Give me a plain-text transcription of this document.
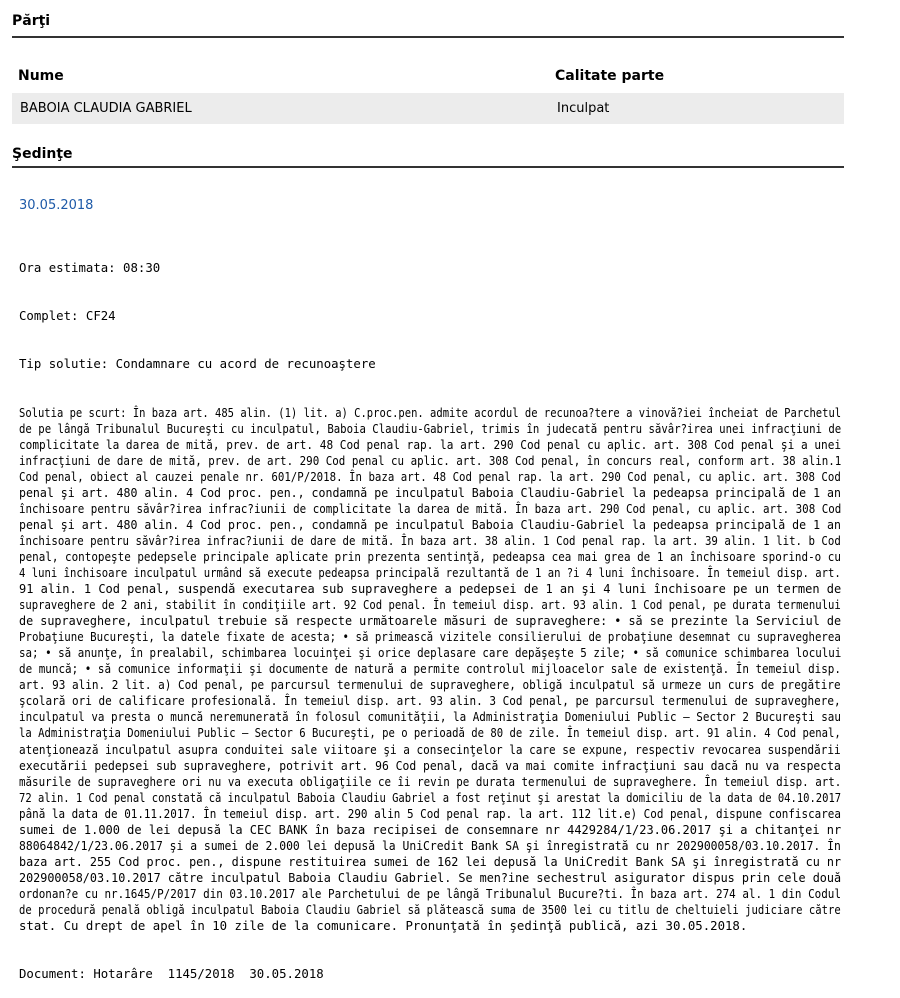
Părţi
Nume	Calitate parte
BABOIA CLAUDIA GABRIEL	Inculpat
Şedinţe
30.05.2018

Ora estimata: 08:30

Complet: CF24

Tip solutie: Condamnare cu acord de recunoaştere

Solutia pe scurt: În baza art. 485 alin. (1) lit. a) C.proc.pen. admite acordul de recunoa?tere a vinovă?iei încheiat de Parchetul
de pe lângă Tribunalul Bucureşti cu inculpatul, Baboia Claudiu-Gabriel, trimis în judecată pentru săvâr?irea unei infracţiuni de
complicitate la darea de mită, prev. de art. 48 Cod penal rap. la art. 290 Cod penal cu aplic. art. 308 Cod penal şi a unei
infracţiuni de dare de mită, prev. de art. 290 Cod penal cu aplic. art. 308 Cod penal, în concurs real, conform art. 38 alin.1
Cod penal, obiect al cauzei penale nr. 601/P/2018. În baza art. 48 Cod penal rap. la art. 290 Cod penal, cu aplic. art. 308 Cod
penal şi art. 480 alin. 4 Cod proc. pen., condamnă pe inculpatul Baboia Claudiu-Gabriel la pedeapsa principală de 1 an
închisoare pentru săvâr?irea infrac?iunii de complicitate la darea de mită. În baza art. 290 Cod penal, cu aplic. art. 308 Cod
penal şi art. 480 alin. 4 Cod proc. pen., condamnă pe inculpatul Baboia Claudiu-Gabriel la pedeapsa principală de 1 an
închisoare pentru săvâr?irea infrac?iunii de dare de mită. În baza art. 38 alin. 1 Cod penal rap. la art. 39 alin. 1 lit. b Cod
penal, contopeşte pedepsele principale aplicate prin prezenta sentinţă, pedeapsa cea mai grea de 1 an închisoare sporind-o cu
4 luni închisoare inculpatul urmând să execute pedeapsa principală rezultantă de 1 an ?i 4 luni închisoare. În temeiul disp. art.
91 alin. 1 Cod penal, suspendă executarea sub supraveghere a pedepsei de 1 an şi 4 luni închisoare pe un termen de
supraveghere de 2 ani, stabilit în condiţiile art. 92 Cod penal. În temeiul disp. art. 93 alin. 1 Cod penal, pe durata termenului
de supraveghere, inculpatul trebuie să respecte următoarele măsuri de supraveghere: • să se prezinte la Serviciul de
Probaţiune Bucureşti, la datele fixate de acesta; • să primească vizitele consilierului de probaţiune desemnat cu supravegherea
sa; • să anunţe, în prealabil, schimbarea locuinţei şi orice deplasare care depăşeşte 5 zile; • să comunice schimbarea locului
de muncă; • să comunice informaţii şi documente de natură a permite controlul mijloacelor sale de existenţă. În temeiul disp.
art. 93 alin. 2 lit. a) Cod penal, pe parcursul termenului de supraveghere, obligă inculpatul să urmeze un curs de pregătire
şcolară ori de calificare profesională. În temeiul disp. art. 93 alin. 3 Cod penal, pe parcursul termenului de supraveghere,
inculpatul va presta o muncă neremunerată în folosul comunităţii, la Administraţia Domeniului Public – Sector 2 Bucureşti sau
la Administraţia Domeniului Public – Sector 6 Bucureşti, pe o perioadă de 80 de zile. În temeiul disp. art. 91 alin. 4 Cod penal,
atenţionează inculpatul asupra conduitei sale viitoare şi a consecinţelor la care se expune, respectiv revocarea suspendării
executării pedepsei sub supraveghere, potrivit art. 96 Cod penal, dacă va mai comite infracţiuni sau dacă nu va respecta
măsurile de supraveghere ori nu va executa obligaţiile ce îi revin pe durata termenului de supraveghere. În temeiul disp. art.
72 alin. 1 Cod penal constată că inculpatul Baboia Claudiu Gabriel a fost reţinut şi arestat la domiciliu de la data de 04.10.2017
până la data de 01.11.2017. În temeiul disp. art. 290 alin 5 Cod penal rap. la art. 112 lit.e) Cod penal, dispune confiscarea
sumei de 1.000 de lei depusă la CEC BANK în baza recipisei de consemnare nr 4429284/1/23.06.2017 şi a chitanţei nr
88064842/1/23.06.2017 şi a sumei de 2.000 lei depusă la UniCredit Bank SA şi înregistrată cu nr 202900058/03.10.2017. În
baza art. 255 Cod proc. pen., dispune restituirea sumei de 162 lei depusă la UniCredit Bank SA şi înregistrată cu nr
202900058/03.10.2017 către inculpatul Baboia Claudiu Gabriel. Se men?ine sechestrul asigurator dispus prin cele două
ordonan?e cu nr.1645/P/2017 din 03.10.2017 ale Parchetului de pe lângă Tribunalul Bucure?ti. În baza art. 274 al. 1 din Codul
de procedură penală obligă inculpatul Baboia Claudiu Gabriel să plătească suma de 3500 lei cu titlu de cheltuieli judiciare către
stat. Cu drept de apel în 10 zile de la comunicare. Pronunţată în şedinţă publică, azi 30.05.2018.

Document: Hotarâre  1145/2018  30.05.2018
